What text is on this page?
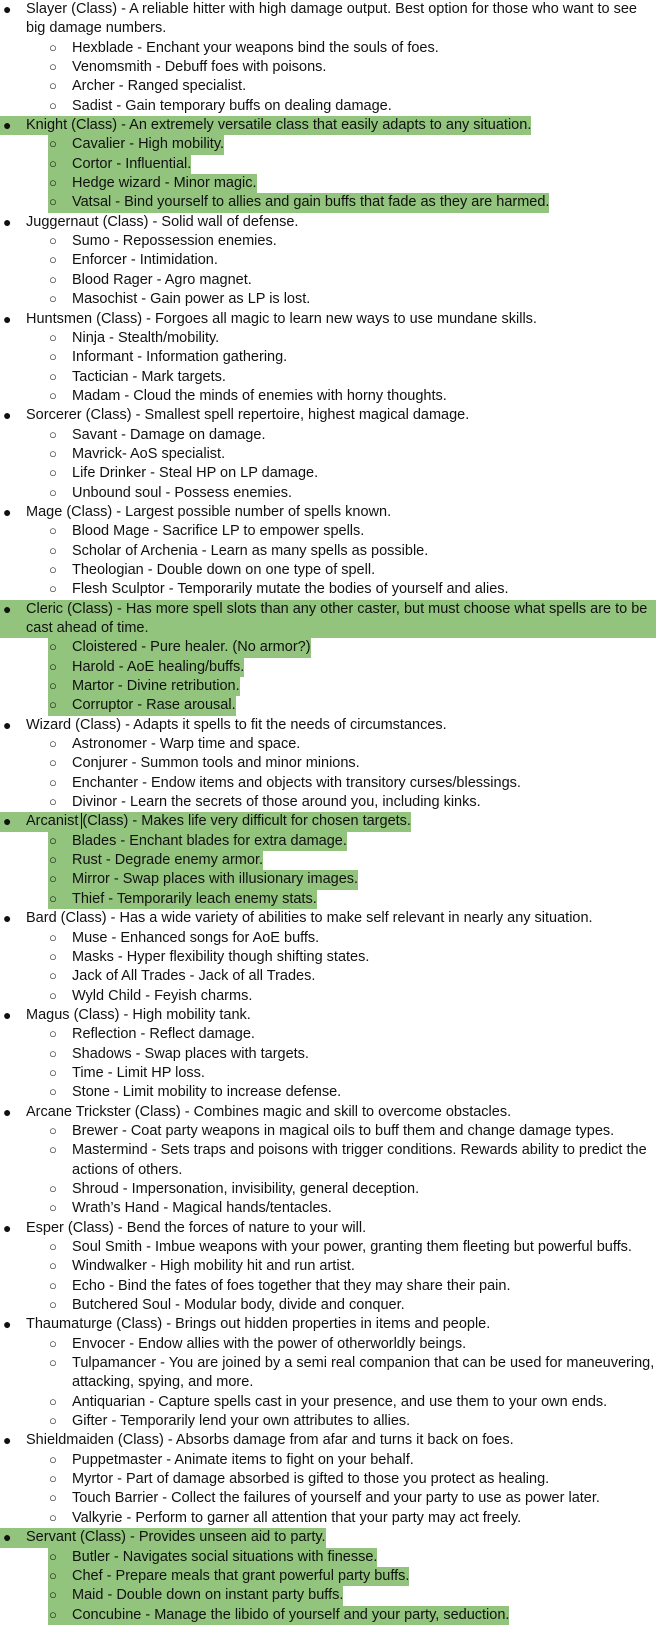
● Slayer (Class) - A reliable hitter with high damage output. Best option for those who want to see big damage numbers.
○ Hexblade - Enchant your weapons bind the souls of foes.
○ Venomsmith - Debuff foes with poisons.
○ Archer - Ranged specialist.
○ Sadist - Gain temporary buffs on dealing damage.
● Knight (Class) - An extremely versatile class that easily adapts to any situation.
○ Cavalier - High mobility.
○ Cortor - Influential.
○ Hedge wizard - Minor magic.
○ Vatsal - Bind yourself to allies and gain buffs that fade as they are harmed.
● Juggernaut (Class) - Solid wall of defense.
○ Sumo - Repossession enemies.
○ Enforcer - Intimidation.
○ Blood Rager - Agro magnet.
○ Masochist - Gain power as LP is lost.
● Huntsmen (Class) - Forgoes all magic to learn new ways to use mundane skills.
○ Ninja - Stealth/mobility.
○ Informant - Information gathering.
○ Tactician - Mark targets.
○ Madam - Cloud the minds of enemies with horny thoughts.
● Sorcerer (Class) - Smallest spell repertoire, highest magical damage.
○ Savant - Damage on damage.
○ Mavrick- AoS specialist.
○ Life Drinker - Steal HP on LP damage.
○ Unbound soul - Possess enemies.
● Mage (Class) - Largest possible number of spells known.
○ Blood Mage - Sacrifice LP to empower spells.
○ Scholar of Archenia - Learn as many spells as possible.
○ Theologian - Double down on one type of spell.
○ Flesh Sculptor - Temporarily mutate the bodies of yourself and alies.
● Cleric (Class) - Has more spell slots than any other caster, but must choose what spells are to be cast ahead of time.
○ Cloistered - Pure healer. (No armor?)
○ Harold - AoE healing/buffs.
○ Martor - Divine retribution.
○ Corruptor - Rase arousal.
● Wizard (Class) - Adapts it spells to fit the needs of circumstances.
○ Astronomer - Warp time and space.
○ Conjurer - Summon tools and minor minions.
○ Enchanter - Endow items and objects with transitory curses/blessings.
○ Divinor - Learn the secrets of those around you, including kinks.
● Arcanist (Class) - Makes life very difficult for chosen targets.
○ Blades - Enchant blades for extra damage.
○ Rust - Degrade enemy armor.
○ Mirror - Swap places with illusionary images.
○ Thief - Temporarily leach enemy stats.
● Bard (Class) - Has a wide variety of abilities to make self relevant in nearly any situation.
○ Muse - Enhanced songs for AoE buffs.
○ Masks - Hyper flexibility though shifting states.
○ Jack of All Trades - Jack of all Trades.
○ Wyld Child - Feyish charms.
● Magus (Class) - High mobility tank.
○ Reflection - Reflect damage.
○ Shadows - Swap places with targets.
○ Time - Limit HP loss.
○ Stone - Limit mobility to increase defense.
● Arcane Trickster (Class) - Combines magic and skill to overcome obstacles.
○ Brewer - Coat party weapons in magical oils to buff them and change damage types.
○ Mastermind - Sets traps and poisons with trigger conditions. Rewards ability to predict the actions of others.
○ Shroud - Impersonation, invisibility, general deception.
○ Wrath’s Hand - Magical hands/tentacles.
● Esper (Class) - Bend the forces of nature to your will.
○ Soul Smith - Imbue weapons with your power, granting them fleeting but powerful buffs.
○ Windwalker - High mobility hit and run artist.
○ Echo - Bind the fates of foes together that they may share their pain.
○ Butchered Soul - Modular body, divide and conquer.
● Thaumaturge (Class) - Brings out hidden properties in items and people.
○ Envocer - Endow allies with the power of otherworldly beings.
○ Tulpamancer - You are joined by a semi real companion that can be used for maneuvering, attacking, spying, and more.
○ Antiquarian - Capture spells cast in your presence, and use them to your own ends.
○ Gifter - Temporarily lend your own attributes to allies.
● Shieldmaiden (Class) - Absorbs damage from afar and turns it back on foes.
○ Puppetmaster - Animate items to fight on your behalf.
○ Myrtor - Part of damage absorbed is gifted to those you protect as healing.
○ Touch Barrier - Collect the failures of yourself and your party to use as power later.
○ Valkyrie - Perform to garner all attention that your party may act freely.
● Servant (Class) - Provides unseen aid to party.
○ Butler - Navigates social situations with finesse.
○ Chef - Prepare meals that grant powerful party buffs.
○ Maid - Double down on instant party buffs.
○ Concubine - Manage the libido of yourself and your party, seduction.
